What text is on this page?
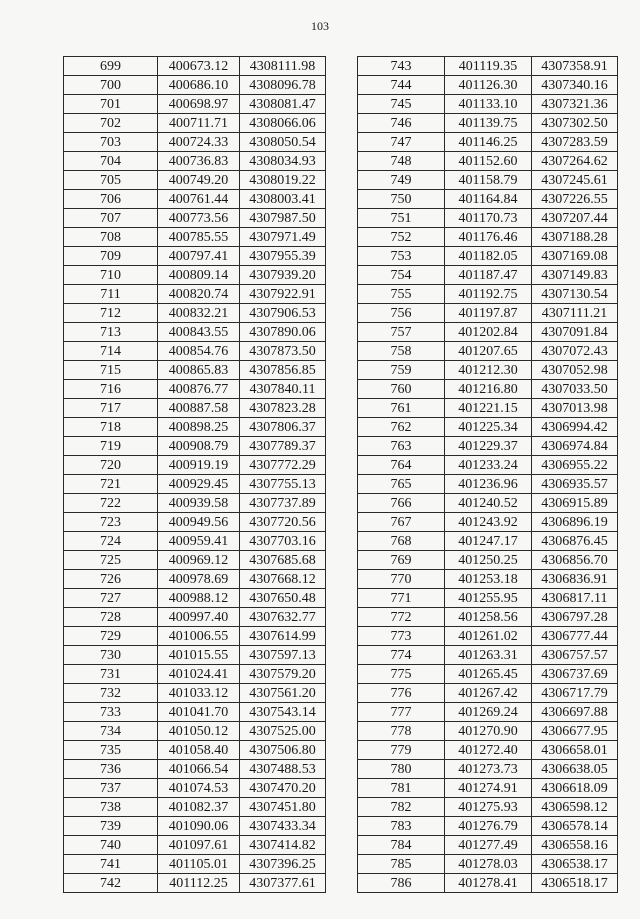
103
699	400673.12	4308111.98
700	400686.10	4308096.78
701	400698.97	4308081.47
702	400711.71	4308066.06
703	400724.33	4308050.54
704	400736.83	4308034.93
705	400749.20	4308019.22
706	400761.44	4308003.41
707	400773.56	4307987.50
708	400785.55	4307971.49
709	400797.41	4307955.39
710	400809.14	4307939.20
711	400820.74	4307922.91
712	400832.21	4307906.53
713	400843.55	4307890.06
714	400854.76	4307873.50
715	400865.83	4307856.85
716	400876.77	4307840.11
717	400887.58	4307823.28
718	400898.25	4307806.37
719	400908.79	4307789.37
720	400919.19	4307772.29
721	400929.45	4307755.13
722	400939.58	4307737.89
723	400949.56	4307720.56
724	400959.41	4307703.16
725	400969.12	4307685.68
726	400978.69	4307668.12
727	400988.12	4307650.48
728	400997.40	4307632.77
729	401006.55	4307614.99
730	401015.55	4307597.13
731	401024.41	4307579.20
732	401033.12	4307561.20
733	401041.70	4307543.14
734	401050.12	4307525.00
735	401058.40	4307506.80
736	401066.54	4307488.53
737	401074.53	4307470.20
738	401082.37	4307451.80
739	401090.06	4307433.34
740	401097.61	4307414.82
741	401105.01	4307396.25
742	401112.25	4307377.61
743	401119.35	4307358.91
744	401126.30	4307340.16
745	401133.10	4307321.36
746	401139.75	4307302.50
747	401146.25	4307283.59
748	401152.60	4307264.62
749	401158.79	4307245.61
750	401164.84	4307226.55
751	401170.73	4307207.44
752	401176.46	4307188.28
753	401182.05	4307169.08
754	401187.47	4307149.83
755	401192.75	4307130.54
756	401197.87	4307111.21
757	401202.84	4307091.84
758	401207.65	4307072.43
759	401212.30	4307052.98
760	401216.80	4307033.50
761	401221.15	4307013.98
762	401225.34	4306994.42
763	401229.37	4306974.84
764	401233.24	4306955.22
765	401236.96	4306935.57
766	401240.52	4306915.89
767	401243.92	4306896.19
768	401247.17	4306876.45
769	401250.25	4306856.70
770	401253.18	4306836.91
771	401255.95	4306817.11
772	401258.56	4306797.28
773	401261.02	4306777.44
774	401263.31	4306757.57
775	401265.45	4306737.69
776	401267.42	4306717.79
777	401269.24	4306697.88
778	401270.90	4306677.95
779	401272.40	4306658.01
780	401273.73	4306638.05
781	401274.91	4306618.09
782	401275.93	4306598.12
783	401276.79	4306578.14
784	401277.49	4306558.16
785	401278.03	4306538.17
786	401278.41	4306518.17
